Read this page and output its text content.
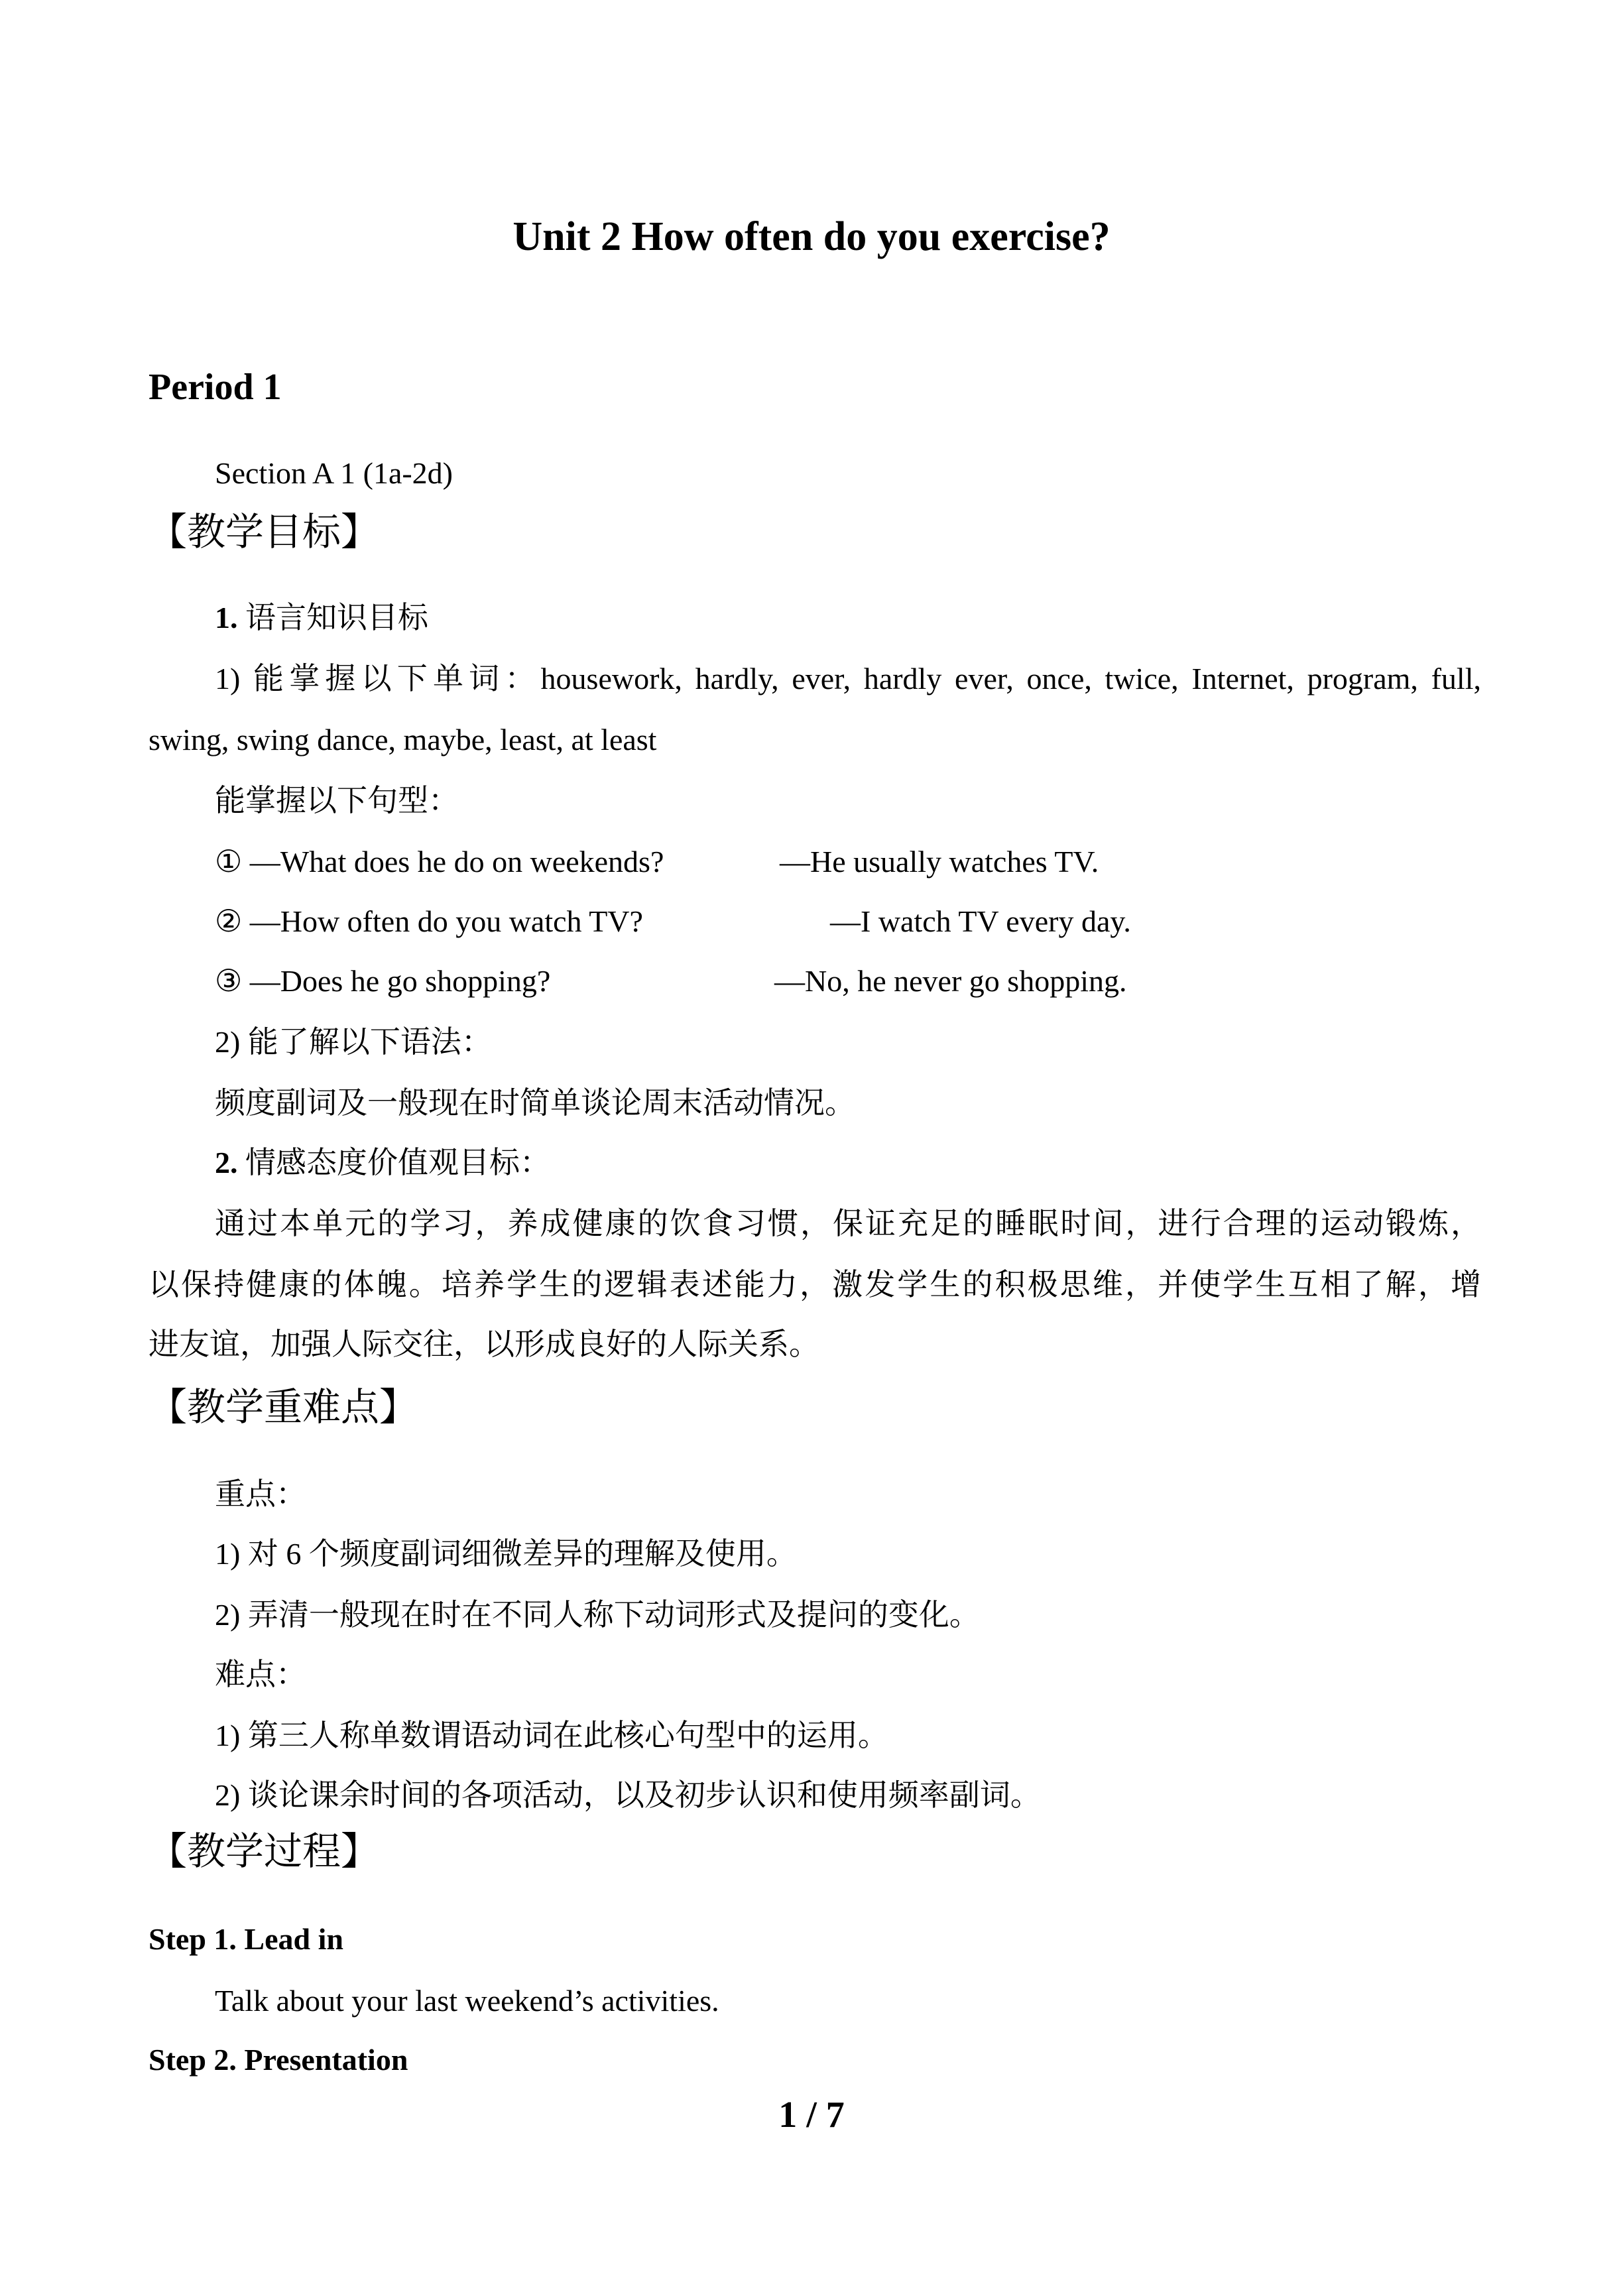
Unit 2 How often do you exercise?
Period 1
Section A 1 (1a-2d)
【教学目标】
1. 语言知识目标
1) 能掌握以下单词：housework, hardly, ever, hardly ever, once, twice, Internet, program, full,
swing, swing dance, maybe, least, at least
能掌握以下句型：
① —What does he do on weekends?	—He usually watches TV.
② —How often do you watch TV?	—I watch TV every day.
③ —Does he go shopping?	—No, he never go shopping.
2) 能了解以下语法：
频度副词及一般现在时简单谈论周末活动情况。
2. 情感态度价值观目标：
通过本单元的学习，养成健康的饮食习惯，保证充足的睡眠时间，进行合理的运动锻炼，
以保持健康的体魄。培养学生的逻辑表述能力，激发学生的积极思维，并使学生互相了解，增
进友谊，加强人际交往，以形成良好的人际关系。
【教学重难点】
重点：
1) 对 6 个频度副词细微差异的理解及使用。
2) 弄清一般现在时在不同人称下动词形式及提问的变化。
难点：
1) 第三人称单数谓语动词在此核心句型中的运用。
2) 谈论课余时间的各项活动，以及初步认识和使用频率副词。
【教学过程】
Step 1. Lead in
Talk about your last weekend’s activities.
Step 2. Presentation
1 / 7
